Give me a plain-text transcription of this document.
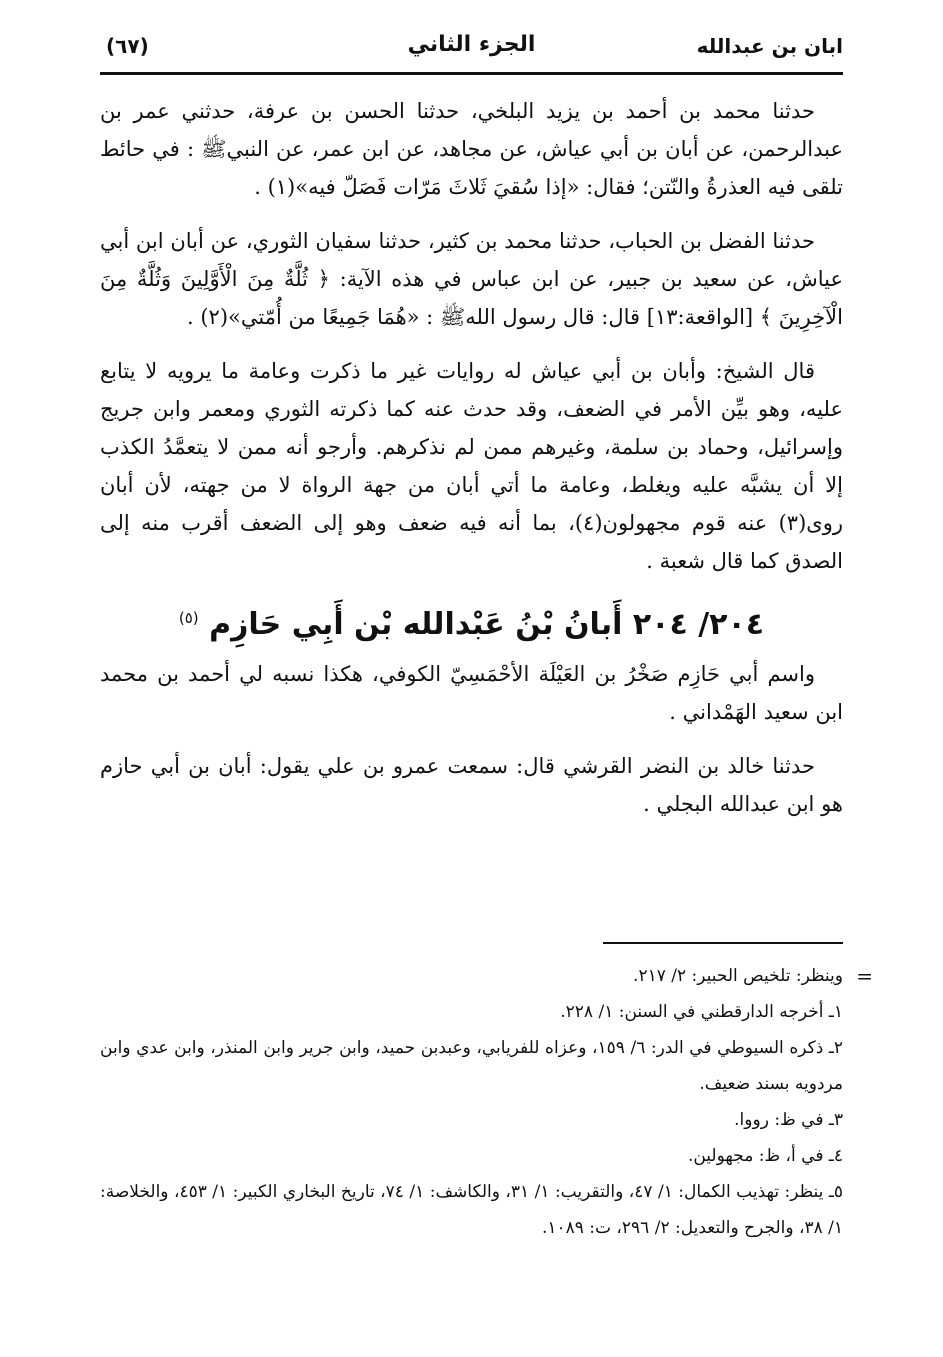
ابان بن عبدالله
الجزء الثاني
(٦٧)

حدثنا محمد بن أحمد بن يزيد البلخي، حدثنا الحسن بن عرفة، حدثني عمر بن عبدالرحمن، عن أبان بن أبي عياش، عن مجاهد، عن ابن عمر، عن النبيﷺ : في حائط تلقى فيه العذرةُ والنّتن؛ فقال: «إذا سُقيَ ثَلاثَ مَرّات فَصَلّ فيه»(١) .

حدثنا الفضل بن الحباب، حدثنا محمد بن كثير، حدثنا سفيان الثوري، عن أبان ابن أبي عياش، عن سعيد بن جبير، عن ابن عباس في هذه الآية: ﴿ ثُلَّةٌ مِنَ الْأَوَّلِينَ وَثُلَّةٌ مِنَ الْآخِرِينَ ﴾ [الواقعة:١٣] قال: قال رسول اللهﷺ : «هُمَا جَمِيعًا من أُمّتي»(٢) .

قال الشيخ: وأبان بن أبي عياش له روايات غير ما ذكرت وعامة ما يرويه لا يتابع عليه، وهو بيِّن الأمر في الضعف، وقد حدث عنه كما ذكرته الثوري ومعمر وابن جريج وإسرائيل، وحماد بن سلمة، وغيرهم ممن لم نذكرهم. وأرجو أنه ممن لا يتعمَّدُ الكذب إلا أن يشبَّه عليه ويغلط، وعامة ما أتي أبان من جهة الرواة لا من جهته، لأن أبان روى(٣) عنه قوم مجهولون(٤)، بما أنه فيه ضعف وهو إلى الضعف أقرب منه إلى الصدق كما قال شعبة .

٢٠٤/ ٢٠٤ أَبانُ بْنُ عَبْدالله بْن أَبِي حَازِم $^{(٥)}$

واسم أبي حَازِم صَخْرُ بن العَيْلَة الأحْمَسِيّ الكوفي، هكذا نسبه لي أحمد بن محمد ابن سعيد الهَمْداني .

حدثنا خالد بن النضر القرشي قال: سمعت عمرو بن علي يقول: أبان بن أبي حازم هو ابن عبدالله البجلي .

=
وينظر: تلخيص الحبير: ٢/ ٢١٧.

١ـ أخرجه الدارقطني في السنن: ١/ ٢٢٨.

٢ـ ذكره السيوطي في الدر: ٦/ ١٥٩، وعزاه للفريابي، وعبدبن حميد، وابن جرير وابن المنذر، وابن عدي وابن مردويه بسند ضعيف.

٣ـ في ظ: رووا.

٤ـ في أ، ظ: مجهولين.

٥ـ ينظر: تهذيب الكمال: ١/ ٤٧، والتقريب: ١/ ٣١، والكاشف: ١/ ٧٤، تاريخ البخاري الكبير: ١/ ٤٥٣، والخلاصة: ١/ ٣٨، والجرح والتعديل: ٢/ ٢٩٦، ت: ١٠٨٩.
